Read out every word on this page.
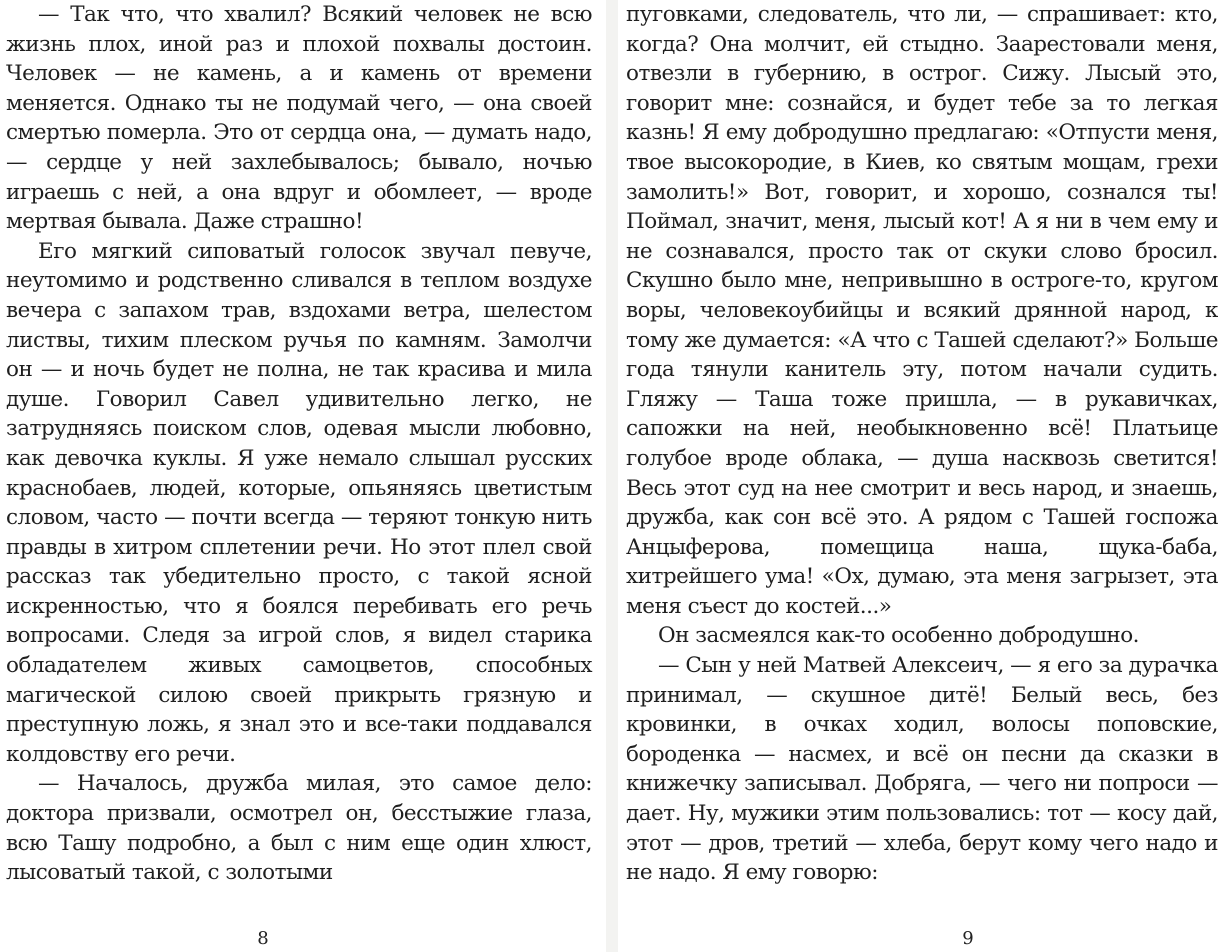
— Так что, что хвалил? Всякий человек не всю жизнь плох, иной раз и плохой похвалы достоин. Человек — не камень, а и камень от времени меняется. Однако ты не подумай чего, — она своей смертью померла. Это от сердца она, — думать надо, — сердце у ней захлебывалось; бывало, ночью играешь с ней, а она вдруг и обомлеет, — вроде мертвая бывала. Даже страшно!

Его мягкий сиповатый голосок звучал певуче, неутомимо и родственно сливался в теплом воздухе вечера с запахом трав, вздохами ветра, шелестом листвы, тихим плеском ручья по камням. Замолчи он — и ночь будет не полна, не так красива и мила душе. Говорил Савел удивительно легко, не затрудняясь поиском слов, одевая мысли любовно, как девочка куклы. Я уже немало слышал русских краснобаев, людей, которые, опьяняясь цветистым словом, часто — почти всегда — теряют тонкую нить правды в хитром сплетении речи. Но этот плел свой рассказ так убедительно просто, с такой ясной искренностью, что я боялся перебивать его речь вопросами. Следя за игрой слов, я видел старика обладателем живых самоцветов, способных магической силою своей прикрыть грязную и преступную ложь, я знал это и все-таки поддавался колдовству его речи.

— Началось, дружба милая, это самое дело: доктора призвали, осмотрел он, бесстыжие глаза, всю Ташу подробно, а был с ним еще один хлюст, лысоватый такой, с золотыми

8

пуговками, следователь, что ли, — спрашивает: кто, когда? Она молчит, ей стыдно. Заарестовали меня, отвезли в губернию, в острог. Сижу. Лысый это, говорит мне: сознайся, и будет тебе за то легкая казнь! Я ему добродушно предлагаю: «Отпусти меня, твое высокородие, в Киев, ко святым мощам, грехи замолить!» Вот, говорит, и хорошо, сознался ты! Поймал, значит, меня, лысый кот! А я ни в чем ему и не сознавался, просто так от скуки слово бросил. Скушно было мне, непривышно в остроге-то, кругом воры, человекоубийцы и всякий дрянной народ, к тому же думается: «А что с Ташей сделают?» Больше года тянули канитель эту, потом начали судить. Гляжу — Таша тоже пришла, — в рукавичках, сапожки на ней, необыкновенно всё! Платьице голубое вроде облака, — душа насквозь светится! Весь этот суд на нее смотрит и весь народ, и знаешь, дружба, как сон всё это. А рядом с Ташей госпожа Анцыферова, помещица наша, щука-баба, хитрейшего ума! «Ох, думаю, эта меня загрызет, эта меня съест до костей...»

Он засмеялся как-то особенно добродушно.

— Сын у ней Матвей Алексеич, — я его за дурачка принимал, — скушное дитё! Белый весь, без кровинки, в очках ходил, волосы поповские, бороденка — насмех, и всё он песни да сказки в книжечку записывал. Добряга, — чего ни попроси — дает. Ну, мужики этим пользовались: тот — косу дай, этот — дров, третий — хлеба, берут кому чего надо и не надо. Я ему говорю:

9
